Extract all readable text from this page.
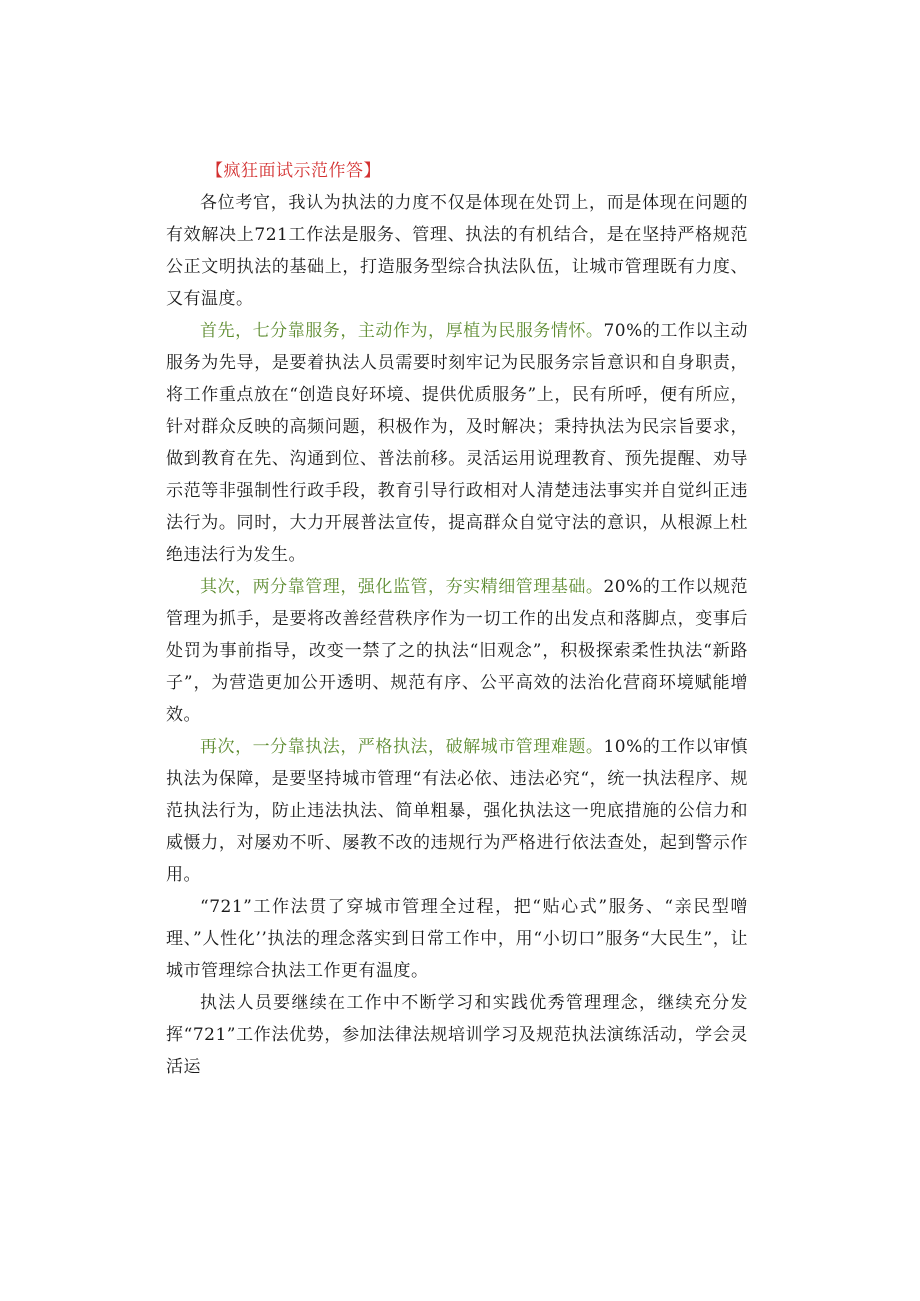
【疯狂面试示范作答】

各位考官，我认为执法的力度不仅是体现在处罚上，而是体现在问题的有效解决上721工作法是服务、管理、执法的有机结合，是在坚持严格规范公正文明执法的基础上，打造服务型综合执法队伍，让城市管理既有力度、又有温度。

首先，七分靠服务，主动作为，厚植为民服务情怀。70%的工作以主动服务为先导，是要着执法人员需要时刻牢记为民服务宗旨意识和自身职责，将工作重点放在“创造良好环境、提供优质服务”上，民有所呼，便有所应，针对群众反映的高频问题，积极作为，及时解决；秉持执法为民宗旨要求，做到教育在先、沟通到位、普法前移。灵活运用说理教育、预先提醒、劝导示范等非强制性行政手段，教育引导行政相对人清楚违法事实并自觉纠正违法行为。同时，大力开展普法宣传，提高群众自觉守法的意识，从根源上杜绝违法行为发生。

其次，两分靠管理，强化监管，夯实精细管理基础。20%的工作以规范管理为抓手，是要将改善经营秩序作为一切工作的出发点和落脚点，变事后处罚为事前指导，改变一禁了之的执法“旧观念”，积极探索柔性执法“新路子”，为营造更加公开透明、规范有序、公平高效的法治化营商环境赋能增效。

再次，一分靠执法，严格执法，破解城市管理难题。10%的工作以审慎执法为保障，是要坚持城市管理“有法必依、违法必究“，统一执法程序、规范执法行为，防止违法执法、简单粗暴，强化执法这一兜底措施的公信力和威慑力，对屡劝不听、屡教不改的违规行为严格进行依法查处，起到警示作用。

“721”工作法贯了穿城市管理全过程，把“贴心式”服务、“亲民型噌理、”人性化’’执法的理念落实到日常工作中，用“小切口”服务“大民生”，让城市管理综合执法工作更有温度。

执法人员要继续在工作中不断学习和实践优秀管理理念，继续充分发挥“721”工作法优势，参加法律法规培训学习及规范执法演练活动，学会灵活运
